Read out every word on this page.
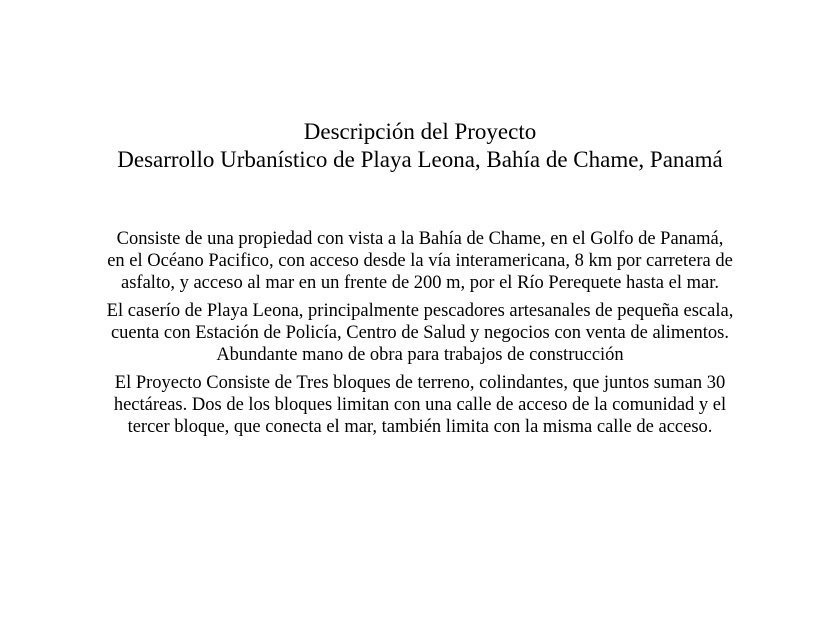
Descripción del Proyecto
Desarrollo Urbanístico de Playa Leona, Bahía de Chame, Panamá

Consiste de una propiedad con vista a la Bahía de Chame, en el Golfo de Panamá,
en el Océano Pacifico, con acceso desde la vía interamericana, 8 km por carretera de
asfalto, y acceso al mar en un frente de 200 m, por el Río Perequete hasta el mar.

El caserío de Playa Leona, principalmente pescadores artesanales de pequeña escala,
cuenta con Estación de Policía, Centro de Salud y negocios con venta de alimentos.
Abundante mano de obra para trabajos de construcción

El Proyecto Consiste de Tres bloques de terreno, colindantes, que juntos suman 30
hectáreas. Dos de los bloques limitan con una calle de acceso de la comunidad y el
tercer bloque, que conecta el mar, también limita con la misma calle de acceso.
